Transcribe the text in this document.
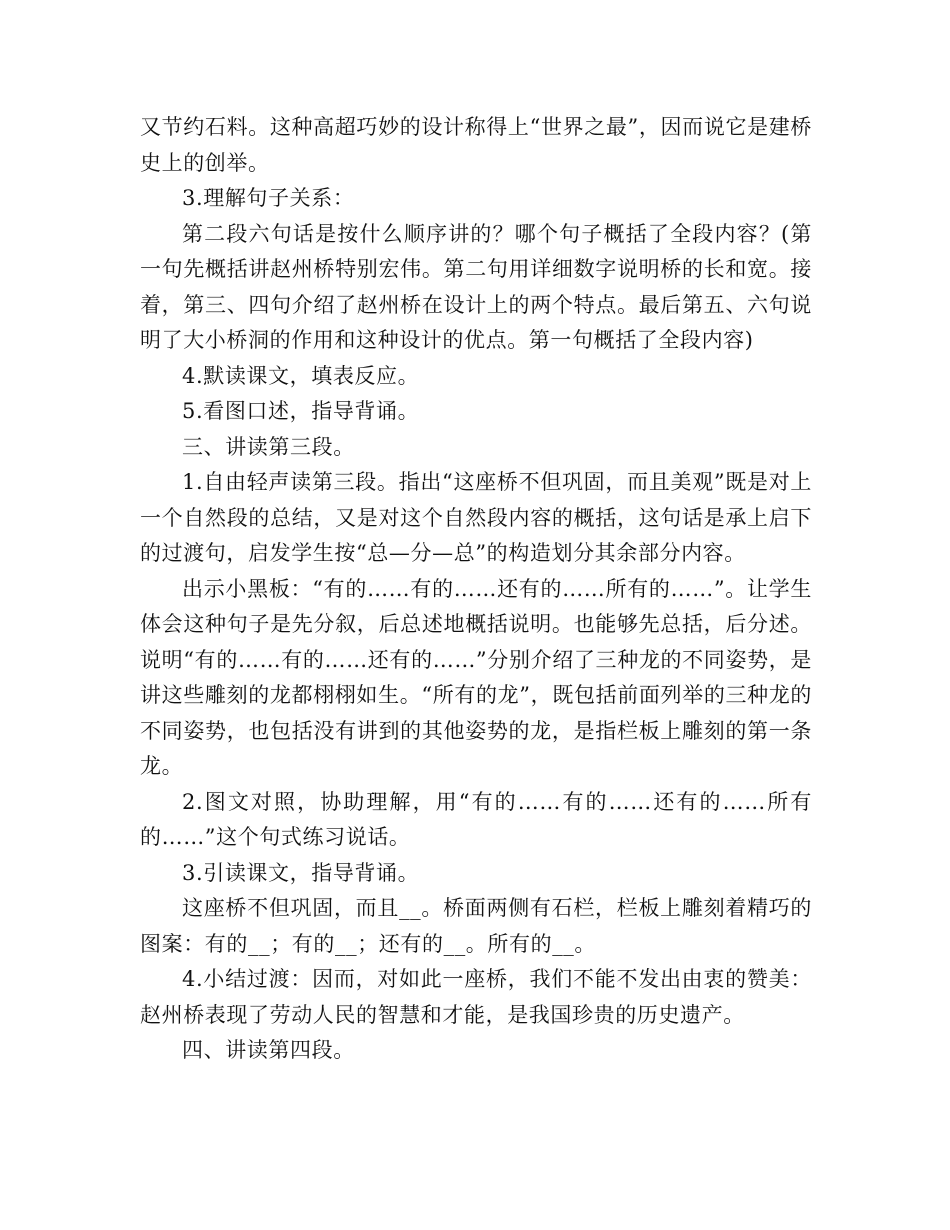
又节约石料。这种高超巧妙的设计称得上“世界之最”，因而说它是建桥史上的创举。

3.理解句子关系：

第二段六句话是按什么顺序讲的？哪个句子概括了全段内容？(第一句先概括讲赵州桥特别宏伟。第二句用详细数字说明桥的长和宽。接着，第三、四句介绍了赵州桥在设计上的两个特点。最后第五、六句说明了大小桥洞的作用和这种设计的优点。第一句概括了全段内容)

4.默读课文，填表反应。

5.看图口述，指导背诵。

三、讲读第三段。

1.自由轻声读第三段。指出“这座桥不但巩固，而且美观”既是对上一个自然段的总结，又是对这个自然段内容的概括，这句话是承上启下的过渡句，启发学生按“总—分—总”的构造划分其余部分内容。

出示小黑板：“有的……有的……还有的……所有的……”。让学生体会这种句子是先分叙，后总述地概括说明。也能够先总括，后分述。说明“有的……有的……还有的……”分别介绍了三种龙的不同姿势，是讲这些雕刻的龙都栩栩如生。“所有的龙”，既包括前面列举的三种龙的不同姿势，也包括没有讲到的其他姿势的龙，是指栏板上雕刻的第一条龙。

2.图文对照，协助理解，用“有的……有的……还有的……所有的……”这个句式练习说话。

3.引读课文，指导背诵。

这座桥不但巩固，而且__。桥面两侧有石栏，栏板上雕刻着精巧的图案：有的__；有的__；还有的__。所有的__。

4.小结过渡：因而，对如此一座桥，我们不能不发出由衷的赞美：赵州桥表现了劳动人民的智慧和才能，是我国珍贵的历史遗产。

四、讲读第四段。
